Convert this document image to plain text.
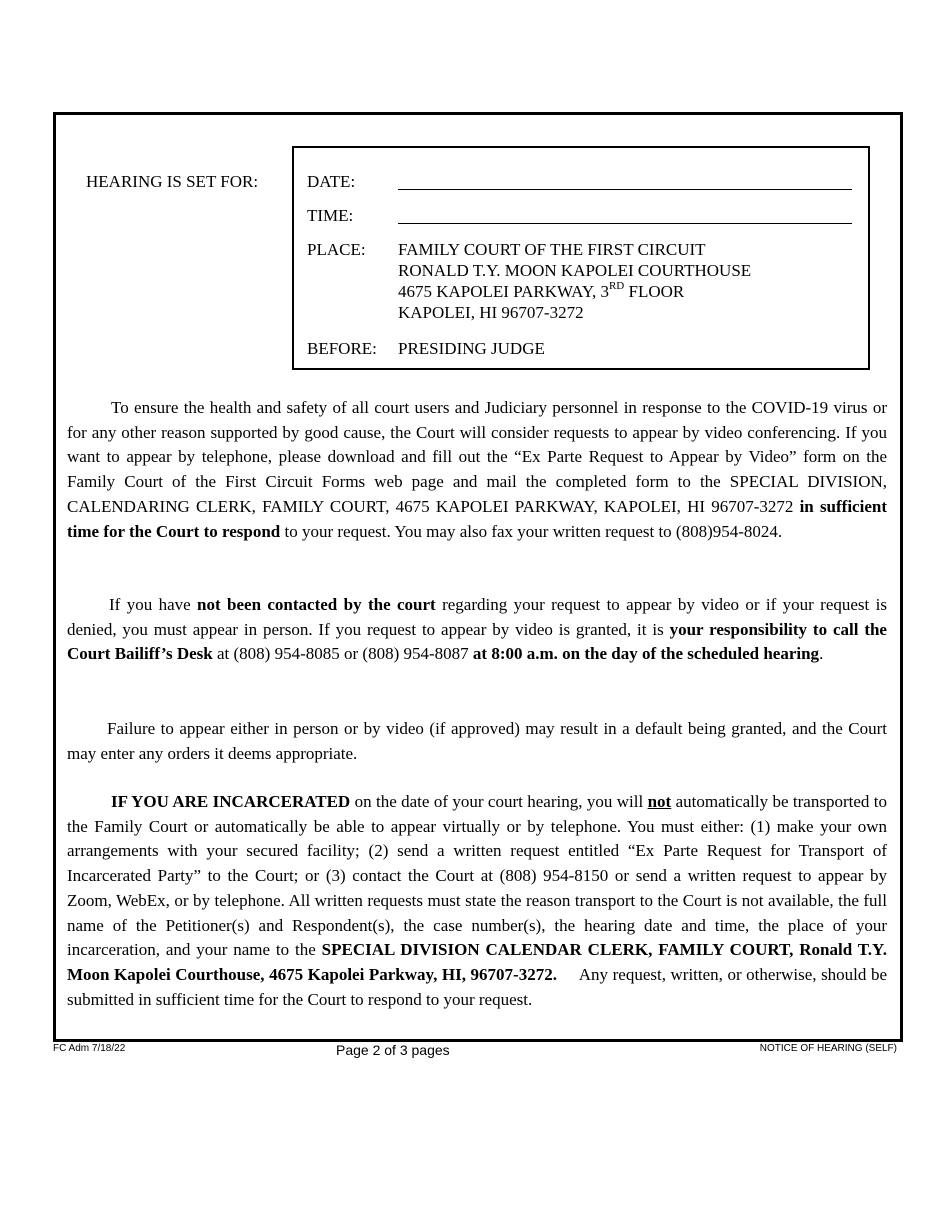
HEARING IS SET FOR:	DATE:
TIME:
PLACE: FAMILY COURT OF THE FIRST CIRCUIT
RONALD T.Y. MOON KAPOLEI COURTHOUSE
4675 KAPOLEI PARKWAY, 3RD FLOOR
KAPOLEI, HI 96707-3272
BEFORE: PRESIDING JUDGE

To ensure the health and safety of all court users and Judiciary personnel in response to the COVID-19 virus or for any other reason supported by good cause, the Court will consider requests to appear by video conferencing. If you want to appear by telephone, please download and fill out the “Ex Parte Request to Appear by Video” form on the Family Court of the First Circuit Forms web page and mail the completed form to the SPECIAL DIVISION, CALENDARING CLERK, FAMILY COURT, 4675 KAPOLEI PARKWAY, KAPOLEI, HI 96707-3272 in sufficient time for the Court to respond to your request. You may also fax your written request to (808)954-8024.

If you have not been contacted by the court regarding your request to appear by video or if your request is denied, you must appear in person. If you request to appear by video is granted, it is your responsibility to call the Court Bailiff’s Desk at (808) 954-8085 or (808) 954-8087 at 8:00 a.m. on the day of the scheduled hearing.

Failure to appear either in person or by video (if approved) may result in a default being granted, and the Court may enter any orders it deems appropriate.

IF YOU ARE INCARCERATED on the date of your court hearing, you will not automatically be transported to the Family Court or automatically be able to appear virtually or by telephone. You must either: (1) make your own arrangements with your secured facility; (2) send a written request entitled “Ex Parte Request for Transport of Incarcerated Party” to the Court; or (3) contact the Court at (808) 954-8150 or send a written request to appear by Zoom, WebEx, or by telephone. All written requests must state the reason transport to the Court is not available, the full name of the Petitioner(s) and Respondent(s), the case number(s), the hearing date and time, the place of your incarceration, and your name to the SPECIAL DIVISION CALENDAR CLERK, FAMILY COURT, Ronald T.Y. Moon Kapolei Courthouse, 4675 Kapolei Parkway, HI, 96707-3272.     Any request, written, or otherwise, should be submitted in sufficient time for the Court to respond to your request.

FC Adm 7/18/22	Page 2 of 3 pages	NOTICE OF HEARING (SELF)
